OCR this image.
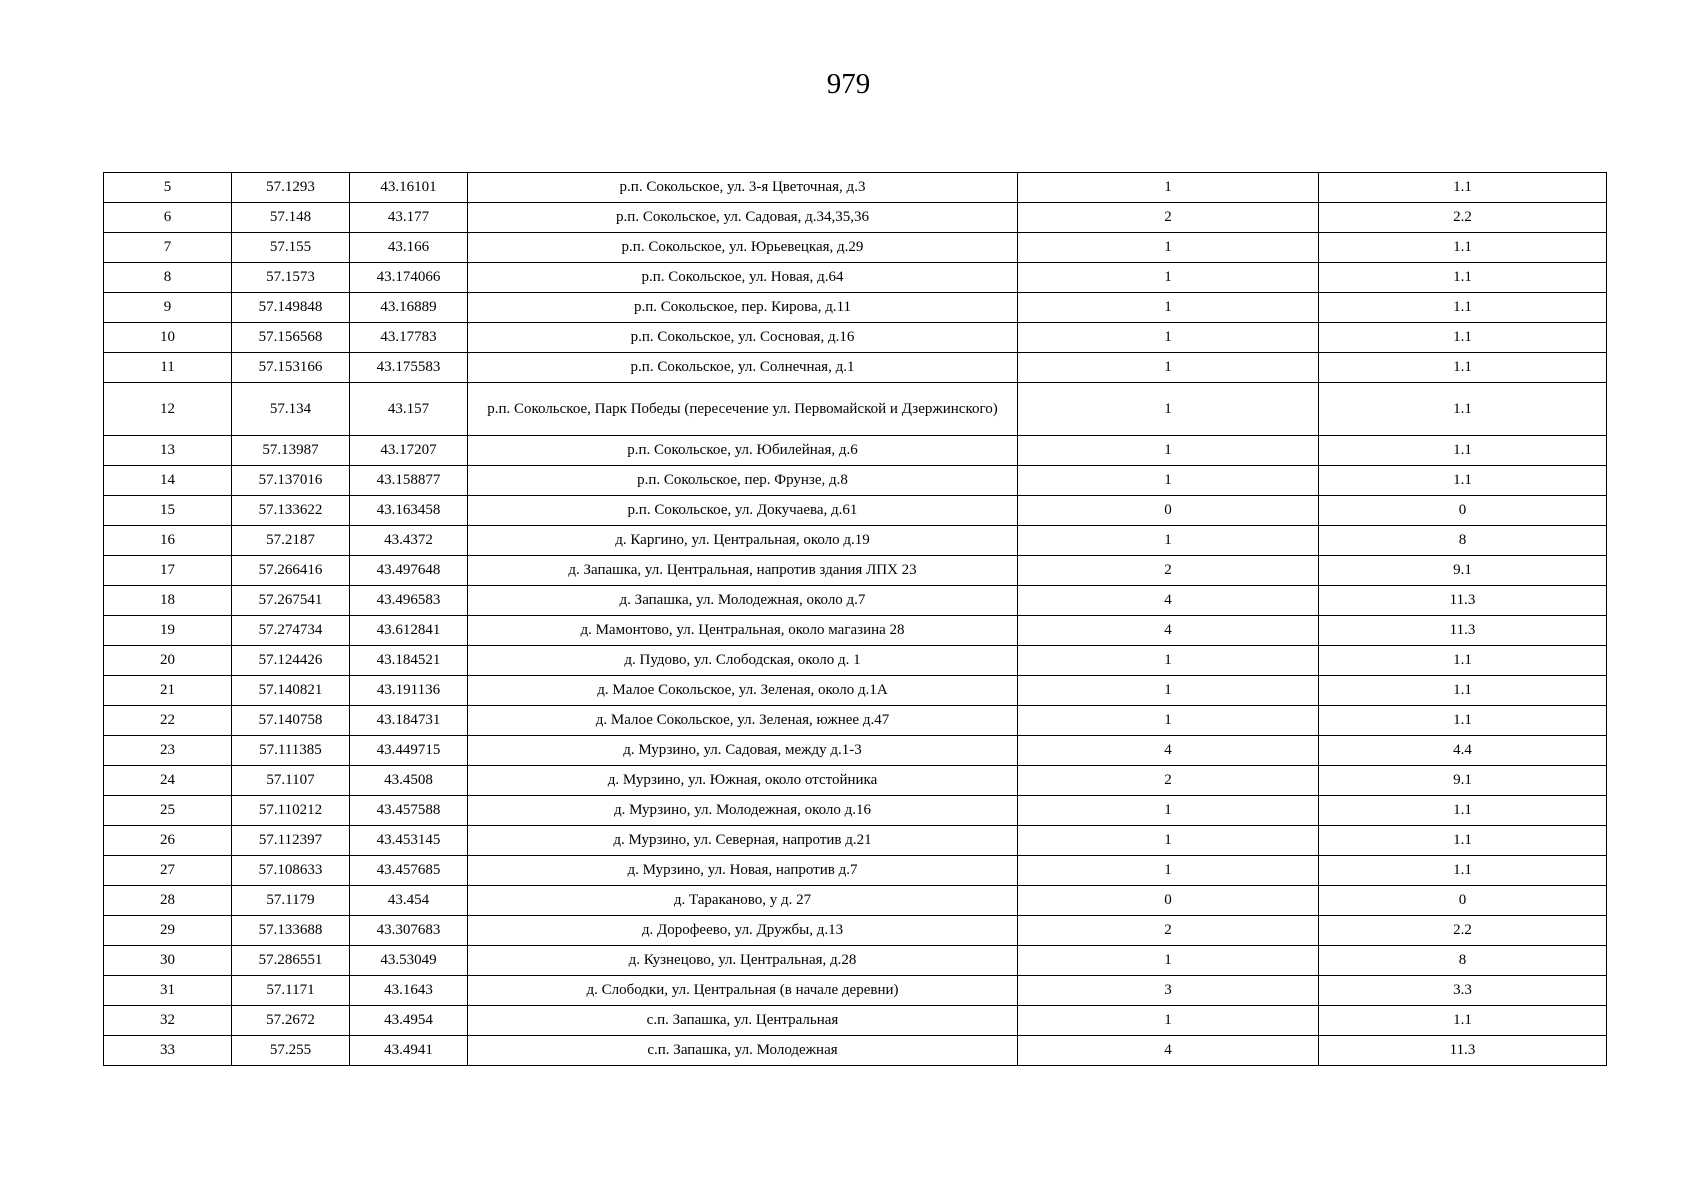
979
5	57.1293	43.16101	р.п. Сокольское, ул. 3-я Цветочная, д.3	1	1.1
6	57.148	43.177	р.п. Сокольское, ул. Садовая, д.34,35,36	2	2.2
7	57.155	43.166	р.п. Сокольское, ул. Юрьевецкая, д.29	1	1.1
8	57.1573	43.174066	р.п. Сокольское, ул. Новая, д.64	1	1.1
9	57.149848	43.16889	р.п. Сокольское, пер. Кирова, д.11	1	1.1
10	57.156568	43.17783	р.п. Сокольское, ул. Сосновая, д.16	1	1.1
11	57.153166	43.175583	р.п. Сокольское, ул. Солнечная, д.1	1	1.1
12	57.134	43.157	р.п. Сокольское, Парк Победы (пересечение ул. Первомайской и Дзержинского)	1	1.1
13	57.13987	43.17207	р.п. Сокольское, ул. Юбилейная, д.6	1	1.1
14	57.137016	43.158877	р.п. Сокольское, пер. Фрунзе, д.8	1	1.1
15	57.133622	43.163458	р.п. Сокольское, ул. Докучаева, д.61	0	0
16	57.2187	43.4372	д. Каргино, ул. Центральная, около д.19	1	8
17	57.266416	43.497648	д. Запашка, ул. Центральная, напротив здания ЛПХ 23	2	9.1
18	57.267541	43.496583	д. Запашка, ул. Молодежная, около д.7	4	11.3
19	57.274734	43.612841	д. Мамонтово, ул. Центральная, около магазина 28	4	11.3
20	57.124426	43.184521	д. Пудово, ул. Слободская, около д. 1	1	1.1
21	57.140821	43.191136	д. Малое Сокольское, ул. Зеленая, около д.1А	1	1.1
22	57.140758	43.184731	д. Малое Сокольское, ул. Зеленая, южнее д.47	1	1.1
23	57.111385	43.449715	д. Мурзино, ул. Садовая, между д.1-3	4	4.4
24	57.1107	43.4508	д. Мурзино, ул. Южная, около отстойника	2	9.1
25	57.110212	43.457588	д. Мурзино, ул. Молодежная, около д.16	1	1.1
26	57.112397	43.453145	д. Мурзино, ул. Северная, напротив д.21	1	1.1
27	57.108633	43.457685	д. Мурзино, ул. Новая, напротив д.7	1	1.1
28	57.1179	43.454	д. Тараканово, у д. 27	0	0
29	57.133688	43.307683	д. Дорофеево, ул. Дружбы, д.13	2	2.2
30	57.286551	43.53049	д. Кузнецово, ул. Центральная, д.28	1	8
31	57.1171	43.1643	д. Слободки, ул. Центральная (в начале деревни)	3	3.3
32	57.2672	43.4954	с.п. Запашка, ул. Центральная	1	1.1
33	57.255	43.4941	с.п. Запашка, ул. Молодежная	4	11.3
